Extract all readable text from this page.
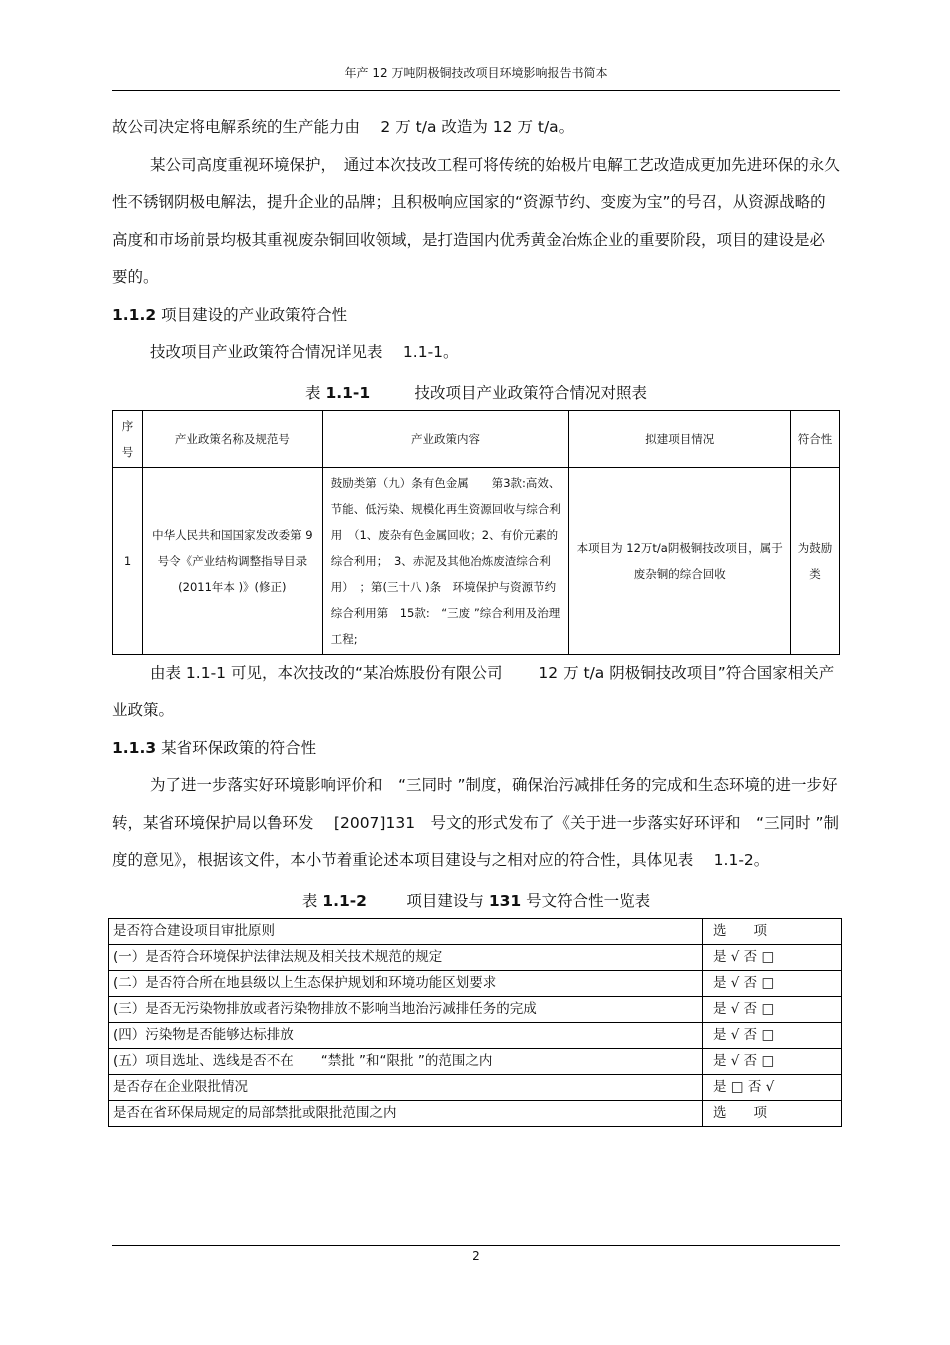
年产 12 万吨阴极铜技改项目环境影响报告书简本

故公司决定将电解系统的生产能力由　 2 万 t/a 改造为 12 万 t/a。

某公司高度重视环境保护，　通过本次技改工程可将传统的始极片电解工艺改造成更加先进环保的永久性不锈钢阴极电解法，提升企业的品牌；且积极响应国家的“资源节约、变废为宝”的号召，从资源战略的高度和市场前景均极其重视废杂铜回收领域，是打造国内优秀黄金冶炼企业的重要阶段，项目的建设是必要的。

1.1.2 项目建设的产业政策符合性

技改项目产业政策符合情况详见表　 1.1-1。

表 1.1-1	技改项目产业政策符合情况对照表
序号	产业政策名称及规范号	产业政策内容	拟建项目情况	符合性
1	中华人民共和国国家发改委第 9号令《产业结构调整指导目录 (2011年本 )》(修正)	鼓励类第（九）条有色金属　　第3款:高效、节能、低污染、规模化再生资源回收与综合利用　（1、废杂有色金属回收；2、有价元素的综合利用；　3、赤泥及其他冶炼废渣综合利用）　；第(三十八 )条　环境保护与资源节约综合利用第　15款:　“三废 ”综合利用及治理工程;	本项目为 12万t/a阴极铜技改项目，属于废杂铜的综合回收	为鼓励类

由表 1.1-1 可见，本次技改的“某冶炼股份有限公司　　 12 万 t/a 阴极铜技改项目”符合国家相关产业政策。

1.1.3 某省环保政策的符合性

为了进一步落实好环境影响评价和　“三同时 ”制度，确保治污减排任务的完成和生态环境的进一步好转，某省环境保护局以鲁环发　 [2007]131　号文的形式发布了《关于进一步落实好环评和　“三同时 ”制度的意见》，根据该文件，本小节着重论述本项目建设与之相对应的符合性，具体见表　 1.1-2。

表 1.1-2	项目建设与 131 号文符合性一览表
是否符合建设项目审批原则	选　　项
(一）是否符合环境保护法律法规及相关技术规范的规定	是 √ 否 □
(二）是否符合所在地县级以上生态保护规划和环境功能区划要求	是 √ 否 □
(三）是否无污染物排放或者污染物排放不影响当地治污减排任务的完成	是 √ 否 □
(四）污染物是否能够达标排放	是 √ 否 □
(五）项目选址、选线是否不在　　“禁批 ”和“限批 ”的范围之内	是 √ 否 □
是否存在企业限批情况	是 □ 否 √
是否在省环保局规定的局部禁批或限批范围之内	选　　项
2
